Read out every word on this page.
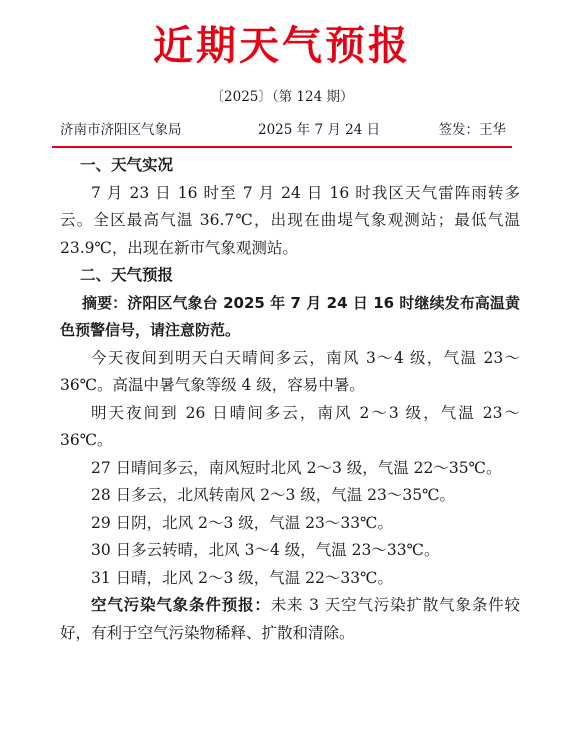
近期天气预报
〔2025〕（第 124 期）
济南市济阳区气象局	2025 年 7 月 24 日	签发：王华

一、天气实况

7 月 23 日 16 时至 7 月 24 日 16 时我区天气雷阵雨转多云。全区最高气温 36.7℃，出现在曲堤气象观测站；最低气温 23.9℃，出现在新市气象观测站。

二、天气预报

摘要：济阳区气象台 2025 年 7 月 24 日 16 时继续发布高温黄色预警信号，请注意防范。

今天夜间到明天白天晴间多云，南风 3～4 级，气温 23～36℃。高温中暑气象等级 4 级，容易中暑。

明天夜间到 26 日晴间多云，南风 2～3 级，气温 23～36℃。

27 日晴间多云，南风短时北风 2～3 级，气温 22～35℃。

28 日多云，北风转南风 2～3 级，气温 23～35℃。

29 日阴，北风 2～3 级，气温 23～33℃。

30 日多云转晴，北风 3～4 级，气温 23～33℃。

31 日晴，北风 2～3 级，气温 22～33℃。

空气污染气象条件预报：未来 3 天空气污染扩散气象条件较好，有利于空气污染物稀释、扩散和清除。
